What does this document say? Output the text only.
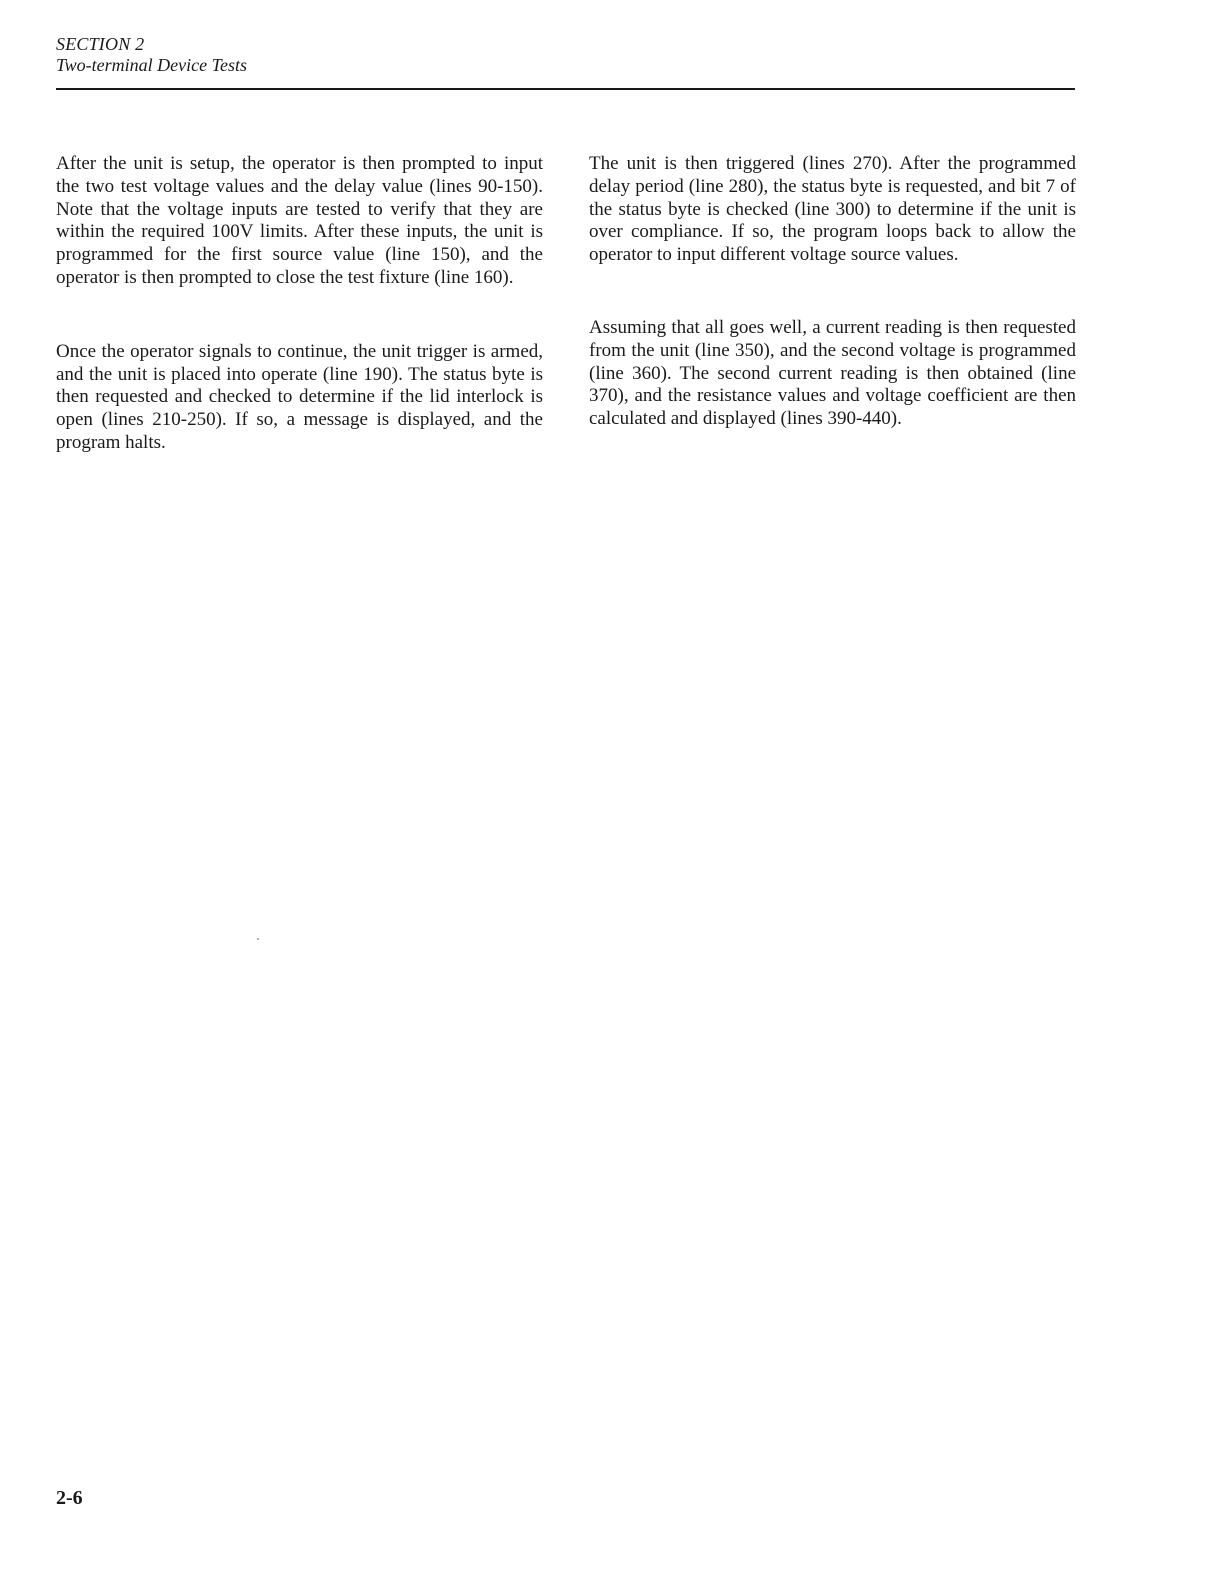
SECTION 2
Two-terminal Device Tests

After the unit is setup, the operator is then prompted to input the two test voltage values and the delay value (lines 90-150). Note that the voltage inputs are tested to verify that they are within the required 100V limits. After these inputs, the unit is programmed for the first source value (line 150), and the operator is then prompted to close the test fixture (line 160).

Once the operator signals to continue, the unit trigger is armed, and the unit is placed into operate (line 190). The status byte is then requested and checked to determine if the lid interlock is open (lines 210-250). If so, a message is displayed, and the program halts.

The unit is then triggered (lines 270). After the programmed delay period (line 280), the status byte is requested, and bit 7 of the status byte is checked (line 300) to determine if the unit is over compliance. If so, the program loops back to allow the operator to input different voltage source values.

Assuming that all goes well, a current reading is then requested from the unit (line 350), and the second voltage is programmed (line 360). The second current reading is then obtained (line 370), and the resistance values and voltage coefficient are then calculated and displayed (lines 390-440).

2-6
